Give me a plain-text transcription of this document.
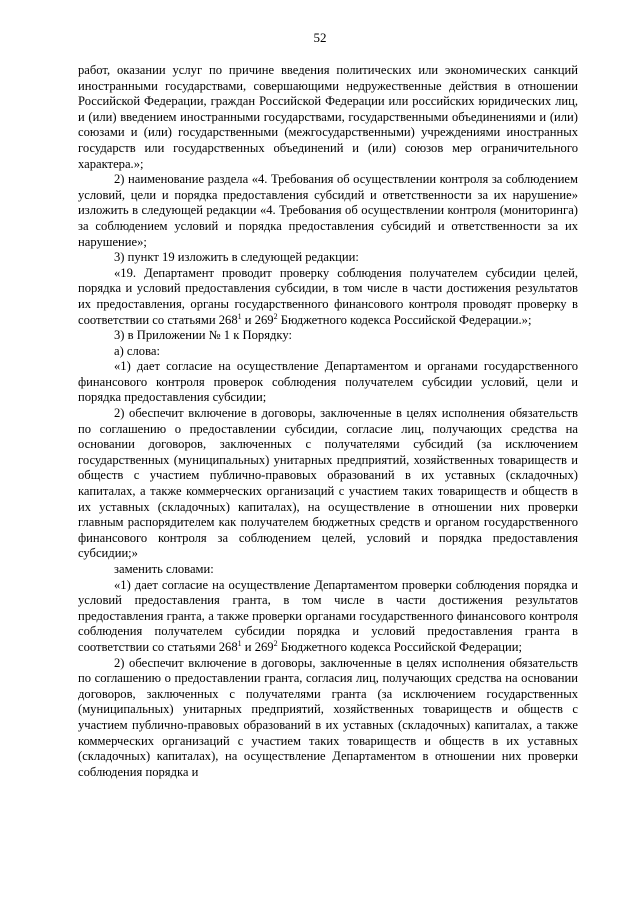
52

работ, оказании услуг по причине введения политических или экономических санкций иностранными государствами, совершающими недружественные действия в отношении Российской Федерации, граждан Российской Федерации или российских юридических лиц, и (или) введением иностранными государствами, государственными объединениями и (или) союзами и (или) государственными (межгосударственными) учреждениями иностранных государств или государственных объединений и (или) союзов мер ограничительного характера.»;

2) наименование раздела «4. Требования об осуществлении контроля за соблюдением условий, цели и порядка предоставления субсидий и ответственности за их нарушение» изложить в следующей редакции «4. Требования об осуществлении контроля (мониторинга) за соблюдением условий и порядка предоставления субсидий и ответственности за их нарушение»;

3) пункт 19 изложить в следующей редакции:

«19. Департамент проводит проверку соблюдения получателем субсидии целей, порядка и условий предоставления субсидии, в том числе в части достижения результатов их предоставления, органы государственного финансового контроля проводят проверку в соответствии со статьями $268^1$ и $269^2$ Бюджетного кодекса Российской Федерации.»;

3) в Приложении № 1 к Порядку:

а) слова:

«1) дает согласие на осуществление Департаментом и органами государственного финансового контроля проверок соблюдения получателем субсидии условий, цели и порядка предоставления субсидии;

2) обеспечит включение в договоры, заключенные в целях исполнения обязательств по соглашению о предоставлении субсидии, согласие лиц, получающих средства на основании договоров, заключенных с получателями субсидий (за исключением государственных (муниципальных) унитарных предприятий, хозяйственных товариществ и обществ с участием публично-правовых образований в их уставных (складочных) капиталах, а также коммерческих организаций с участием таких товариществ и обществ в их уставных (складочных) капиталах), на осуществление в отношении них проверки главным распорядителем как получателем бюджетных средств и органом государственного финансового контроля за соблюдением целей, условий и порядка предоставления субсидии;»

заменить словами:

«1) дает согласие на осуществление Департаментом проверки соблюдения порядка и условий предоставления гранта, в том числе в части достижения результатов предоставления гранта, а также проверки органами государственного финансового контроля соблюдения получателем субсидии порядка и условий предоставления гранта в соответствии со статьями $268^1$ и $269^2$ Бюджетного кодекса Российской Федерации;

2) обеспечит включение в договоры, заключенные в целях исполнения обязательств по соглашению о предоставлении гранта, согласия лиц, получающих средства на основании договоров, заключенных с получателями гранта (за исключением государственных (муниципальных) унитарных предприятий, хозяйственных товариществ и обществ с участием публично-правовых образований в их уставных (складочных) капиталах, а также коммерческих организаций с участием таких товариществ и обществ в их уставных (складочных) капиталах), на осуществление Департаментом в отношении них проверки соблюдения порядка и
